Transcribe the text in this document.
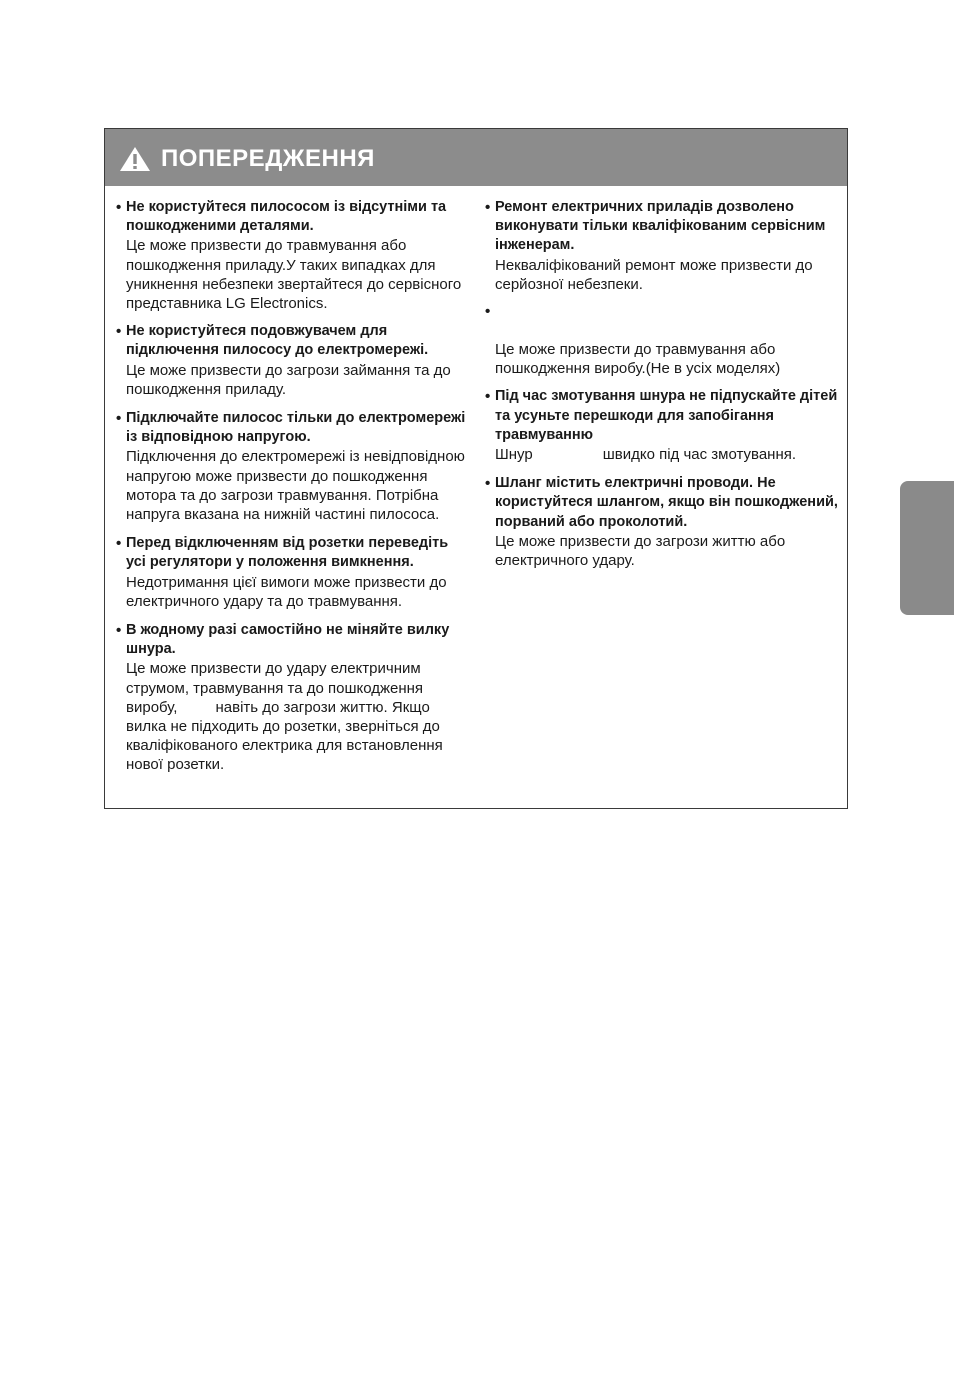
ПОПЕРЕДЖЕННЯ
• Не користуйтеся пилососом із відсутніми та пошкодженими деталями.
Це може призвести до травмування або пошкодження приладу.У таких випадках для уникнення небезпеки звертайтеся до сервісного представника LG Electronics.
• Не користуйтеся подовжувачем для підключення пилососу до електромережі.
Це може призвести до загрози займання та до пошкодження приладу.
• Підключайте пилосос тільки до електромережі із відповідною напругою.
Підключення до електромережі із невідповідною напругою може призвести до пошкодження мотора та до загрози травмування. Потрібна напруга вказана на нижній частині пилососа.
• Перед відключенням від розетки переведіть усі регулятори у положення вимкнення.
Недотримання цієї вимоги може призвести до електричного удару та до травмування.
• В жодному разі самостійно не міняйте вилку шнура.
Це може призвести до удару електричним струмом, травмування та до пошкодження виробу,	навіть до загрози життю. Якщо вилка не підходить до розетки, зверніться до кваліфікованого електрика для встановлення нової розетки.
• Ремонт електричних приладів дозволено виконувати тільки кваліфікованим сервісним інженерам.
Некваліфікований ремонт може призвести до серйозної небезпеки.
•
Це може призвести до травмування або пошкодження виробу.(Не в усіх моделях)
• Під час змотування шнура не підпускайте дітей та усуньте перешкоди для запобігання травмуванню
Шнур	швидко під час змотування.
• Шланг містить електричні проводи. Не користуйтеся шлангом, якщо він пошкоджений, порваний або проколотий.
Це може призвести до загрози життю або електричного удару.
